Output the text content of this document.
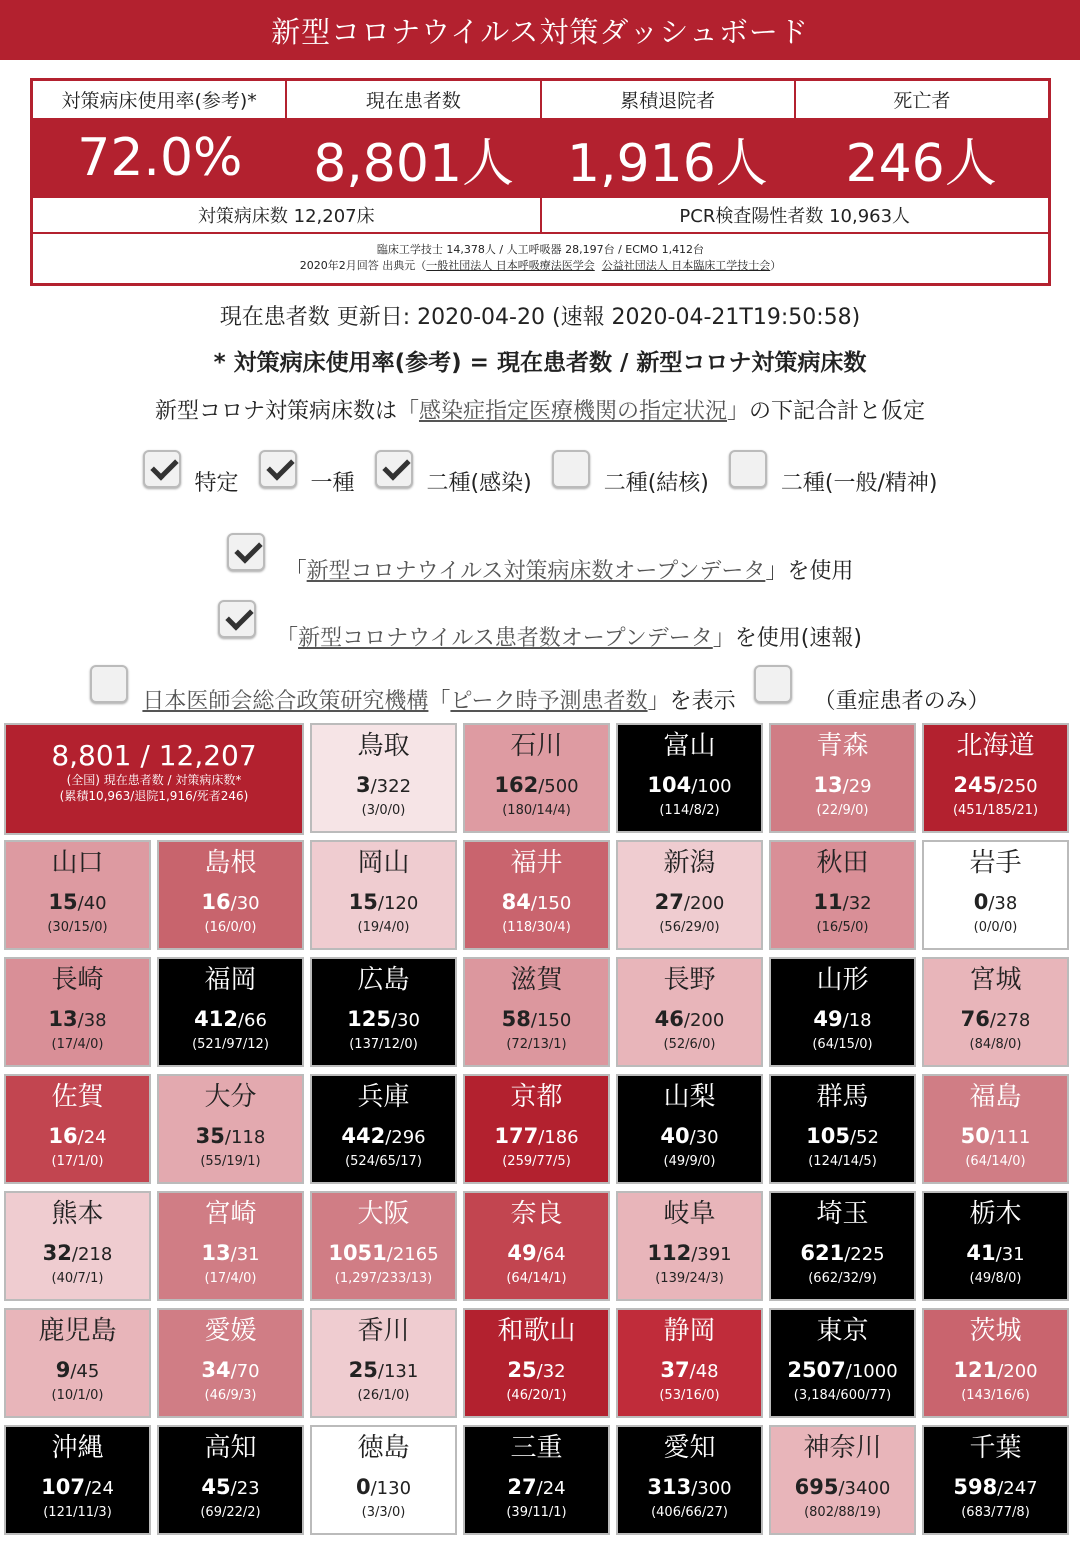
新型コロナウイルス対策ダッシュボード
対策病床使用率(参考)*	現在患者数	累積退院者	死亡者
72.0%	8,801人	1,916人	246人
対策病床数 12,207床	PCR検査陽性者数 10,963人
臨床工学技士 14,378人 / 人工呼吸器 28,197台 / ECMO 1,412台
2020年2月回答 出典元（一般社団法人 日本呼吸療法医学会 公益社団法人 日本臨床工学技士会）
現在患者数 更新日: 2020-04-20 (速報 2020-04-21T19:50:58)
* 対策病床使用率(参考) = 現在患者数 / 新型コロナ対策病床数
新型コロナ対策病床数は「感染症指定医療機関の指定状況」の下記合計と仮定
特定	一種	二種(感染)	二種(結核)	二種(一般/精神)
「新型コロナウイルス対策病床数オープンデータ」を使用
「新型コロナウイルス患者数オープンデータ」を使用(速報)
日本医師会総合政策研究機構「ピーク時予測患者数」を表示	（重症患者のみ）
8,801 / 12,207
(全国) 現在患者数 / 対策病床数*
(累積10,963/退院1,916/死者246)
鳥取
3/322
(3/0/0)
石川
162/500
(180/14/4)
富山
104/100
(114/8/2)
青森
13/29
(22/9/0)
北海道
245/250
(451/185/21)
山口
15/40
(30/15/0)
島根
16/30
(16/0/0)
岡山
15/120
(19/4/0)
福井
84/150
(118/30/4)
新潟
27/200
(56/29/0)
秋田
11/32
(16/5/0)
岩手
0/38
(0/0/0)
長崎
13/38
(17/4/0)
福岡
412/66
(521/97/12)
広島
125/30
(137/12/0)
滋賀
58/150
(72/13/1)
長野
46/200
(52/6/0)
山形
49/18
(64/15/0)
宮城
76/278
(84/8/0)
佐賀
16/24
(17/1/0)
大分
35/118
(55/19/1)
兵庫
442/296
(524/65/17)
京都
177/186
(259/77/5)
山梨
40/30
(49/9/0)
群馬
105/52
(124/14/5)
福島
50/111
(64/14/0)
熊本
32/218
(40/7/1)
宮崎
13/31
(17/4/0)
大阪
1051/2165
(1,297/233/13)
奈良
49/64
(64/14/1)
岐阜
112/391
(139/24/3)
埼玉
621/225
(662/32/9)
栃木
41/31
(49/8/0)
鹿児島
9/45
(10/1/0)
愛媛
34/70
(46/9/3)
香川
25/131
(26/1/0)
和歌山
25/32
(46/20/1)
静岡
37/48
(53/16/0)
東京
2507/1000
(3,184/600/77)
茨城
121/200
(143/16/6)
沖縄
107/24
(121/11/3)
高知
45/23
(69/22/2)
徳島
0/130
(3/3/0)
三重
27/24
(39/11/1)
愛知
313/300
(406/66/27)
神奈川
695/3400
(802/88/19)
千葉
598/247
(683/77/8)
